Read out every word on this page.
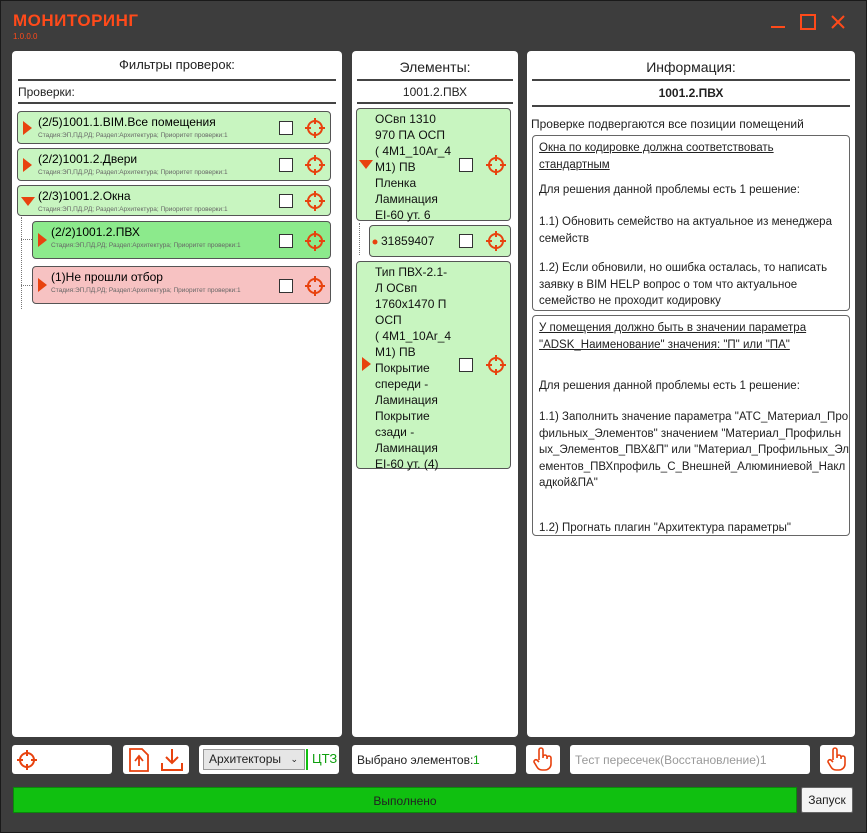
МОНИТОРИНГ
1.0.0.0
Фильтры проверок:
Проверки:
(2/5)1001.1.BIM.Все помещения
Стадия:ЭП,ПД,РД; Раздел:Архитектура; Приоритет проверки:1
(2/2)1001.2.Двери
Стадия:ЭП,ПД,РД; Раздел:Архитектура; Приоритет проверки:1
(2/3)1001.2.Окна
Стадия:ЭП,ПД,РД; Раздел:Архитектура; Приоритет проверки:1
(2/2)1001.2.ПВХ
Стадия:ЭП,ПД,РД; Раздел:Архитектура; Приоритет проверки:1
(1)Не прошли отбор
Стадия:ЭП,ПД,РД; Раздел:Архитектура; Приоритет проверки:1
Элементы:
1001.2.ПВХ
ОСвп 1310
970 ПА ОСП
( 4М1_10Ar_4
М1) ПВ
Пленка
Ламинация
EI-60 ут. 6
31859407
Тип ПВХ-2.1-
Л ОСвп
1760х1470 П
ОСП
( 4М1_10Ar_4
М1) ПВ
Покрытие
спереди -
Ламинация
Покрытие
сзади -
Ламинация
EI-60 ут. (4)
Информация:
1001.2.ПВХ
Проверке подвергаются все позиции помещений
Окна по кодировке должна соответствовать стандартным
Для решения данной проблемы есть 1 решение:
1.1) Обновить семейство на актуальное из менеджера семейств
1.2) Если обновили, но ошибка осталась, то написать заявку в BIM HELP вопрос о том что актуальное семейство не проходит кодировку
У помещения должно быть в значении параметра "ADSK_Наименование" значения: "П" или "ПА"
Для решения данной проблемы есть 1 решение:
1.1) Заполнить значение параметра "АТС_Материал_Профильных_Элементов" значением "Материал_Профильных_Элементов_ПВХ&П" или "Материал_Профильных_Элементов_ПВХпрофиль_С_Внешней_Алюминиевой_Накладкой&ПА"
1.2) Прогнать плагин "Архитектура параметры"
Архитекторы ⌄ ЦТЗ Выбрано элементов: 1	Тест пересечек(Восстановление)1
Выполнено	Запуск
